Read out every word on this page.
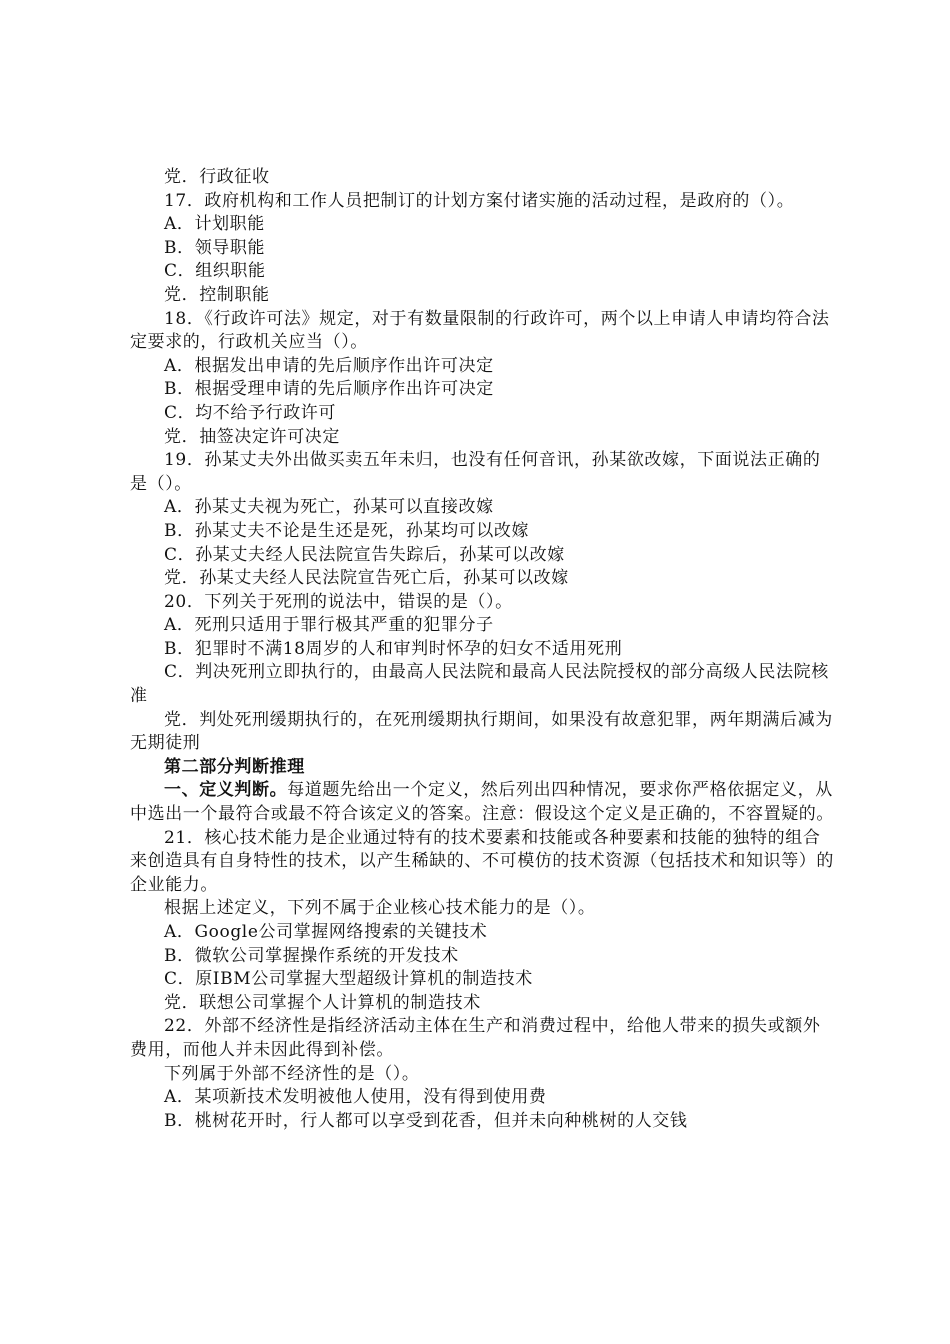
党．行政征收

17．政府机构和工作人员把制订的计划方案付诸实施的活动过程，是政府的（）。

A．计划职能

B．领导职能

C．组织职能

党．控制职能

18．《行政许可法》规定，对于有数量限制的行政许可，两个以上申请人申请均符合法定要求的，行政机关应当（）。

A．根据发出申请的先后顺序作出许可决定

B．根据受理申请的先后顺序作出许可决定

C．均不给予行政许可

党．抽签决定许可决定

19．孙某丈夫外出做买卖五年未归，也没有任何音讯，孙某欲改嫁，下面说法正确的是（）。

A．孙某丈夫视为死亡，孙某可以直接改嫁

B．孙某丈夫不论是生还是死，孙某均可以改嫁

C．孙某丈夫经人民法院宣告失踪后，孙某可以改嫁

党．孙某丈夫经人民法院宣告死亡后，孙某可以改嫁

20．下列关于死刑的说法中，错误的是（）。

A．死刑只适用于罪行极其严重的犯罪分子

B．犯罪时不满18周岁的人和审判时怀孕的妇女不适用死刑

C．判决死刑立即执行的，由最高人民法院和最高人民法院授权的部分高级人民法院核准

党．判处死刑缓期执行的，在死刑缓期执行期间，如果没有故意犯罪，两年期满后减为无期徒刑

第二部分判断推理

一、定义判断。每道题先给出一个定义，然后列出四种情况，要求你严格依据定义，从中选出一个最符合或最不符合该定义的答案。注意：假设这个定义是正确的，不容置疑的。

21．核心技术能力是企业通过特有的技术要素和技能或各种要素和技能的独特的组合来创造具有自身特性的技术，以产生稀缺的、不可模仿的技术资源（包括技术和知识等）的企业能力。

根据上述定义，下列不属于企业核心技术能力的是（）。

A．Google公司掌握网络搜索的关键技术

B．微软公司掌握操作系统的开发技术

C．原IBM公司掌握大型超级计算机的制造技术

党．联想公司掌握个人计算机的制造技术

22．外部不经济性是指经济活动主体在生产和消费过程中，给他人带来的损失或额外费用，而他人并未因此得到补偿。

下列属于外部不经济性的是（）。

A．某项新技术发明被他人使用，没有得到使用费

B．桃树花开时，行人都可以享受到花香，但并未向种桃树的人交钱
